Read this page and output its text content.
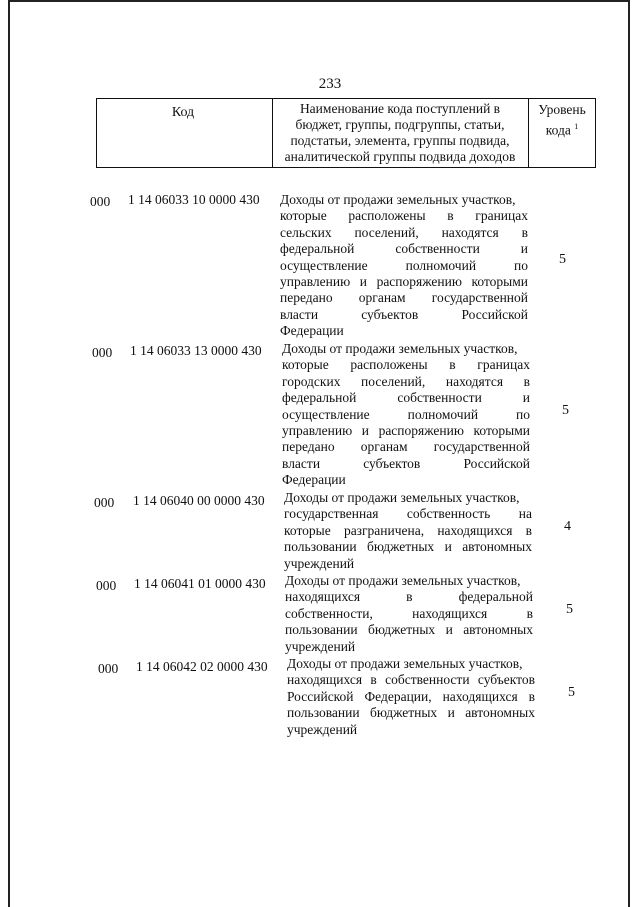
233
Код	Наименование кода поступлений в
бюджет, группы, подгруппы, статьи,
подстатьи, элемента, группы подвида,
аналитической группы подвида доходов
Уровень
кода $^1$
000 1 14 06033 10 0000 430 Доходы от продажи земельных участков,
которые расположены в границах
сельских поселений, находятся в
федеральной собственности и
осуществление полномочий по
управлению и распоряжению которыми
передано органам государственной
власти субъектов Российской
Федерации
5
000 1 14 06033 13 0000 430 Доходы от продажи земельных участков,
которые расположены в границах
городских поселений, находятся в
федеральной собственности и
осуществление полномочий по
управлению и распоряжению которыми
передано органам государственной
власти субъектов Российской
Федерации
5
000 1 14 06040 00 0000 430 Доходы от продажи земельных участков,
государственная собственность на
которые разграничена, находящихся в
пользовании бюджетных и автономных
учреждений
4
000 1 14 06041 01 0000 430 Доходы от продажи земельных участков,
находящихся в федеральной
собственности, находящихся в
пользовании бюджетных и автономных
учреждений
5
000 1 14 06042 02 0000 430 Доходы от продажи земельных участков,
находящихся в собственности субъектов
Российской Федерации, находящихся в
пользовании бюджетных и автономных
учреждений
5
